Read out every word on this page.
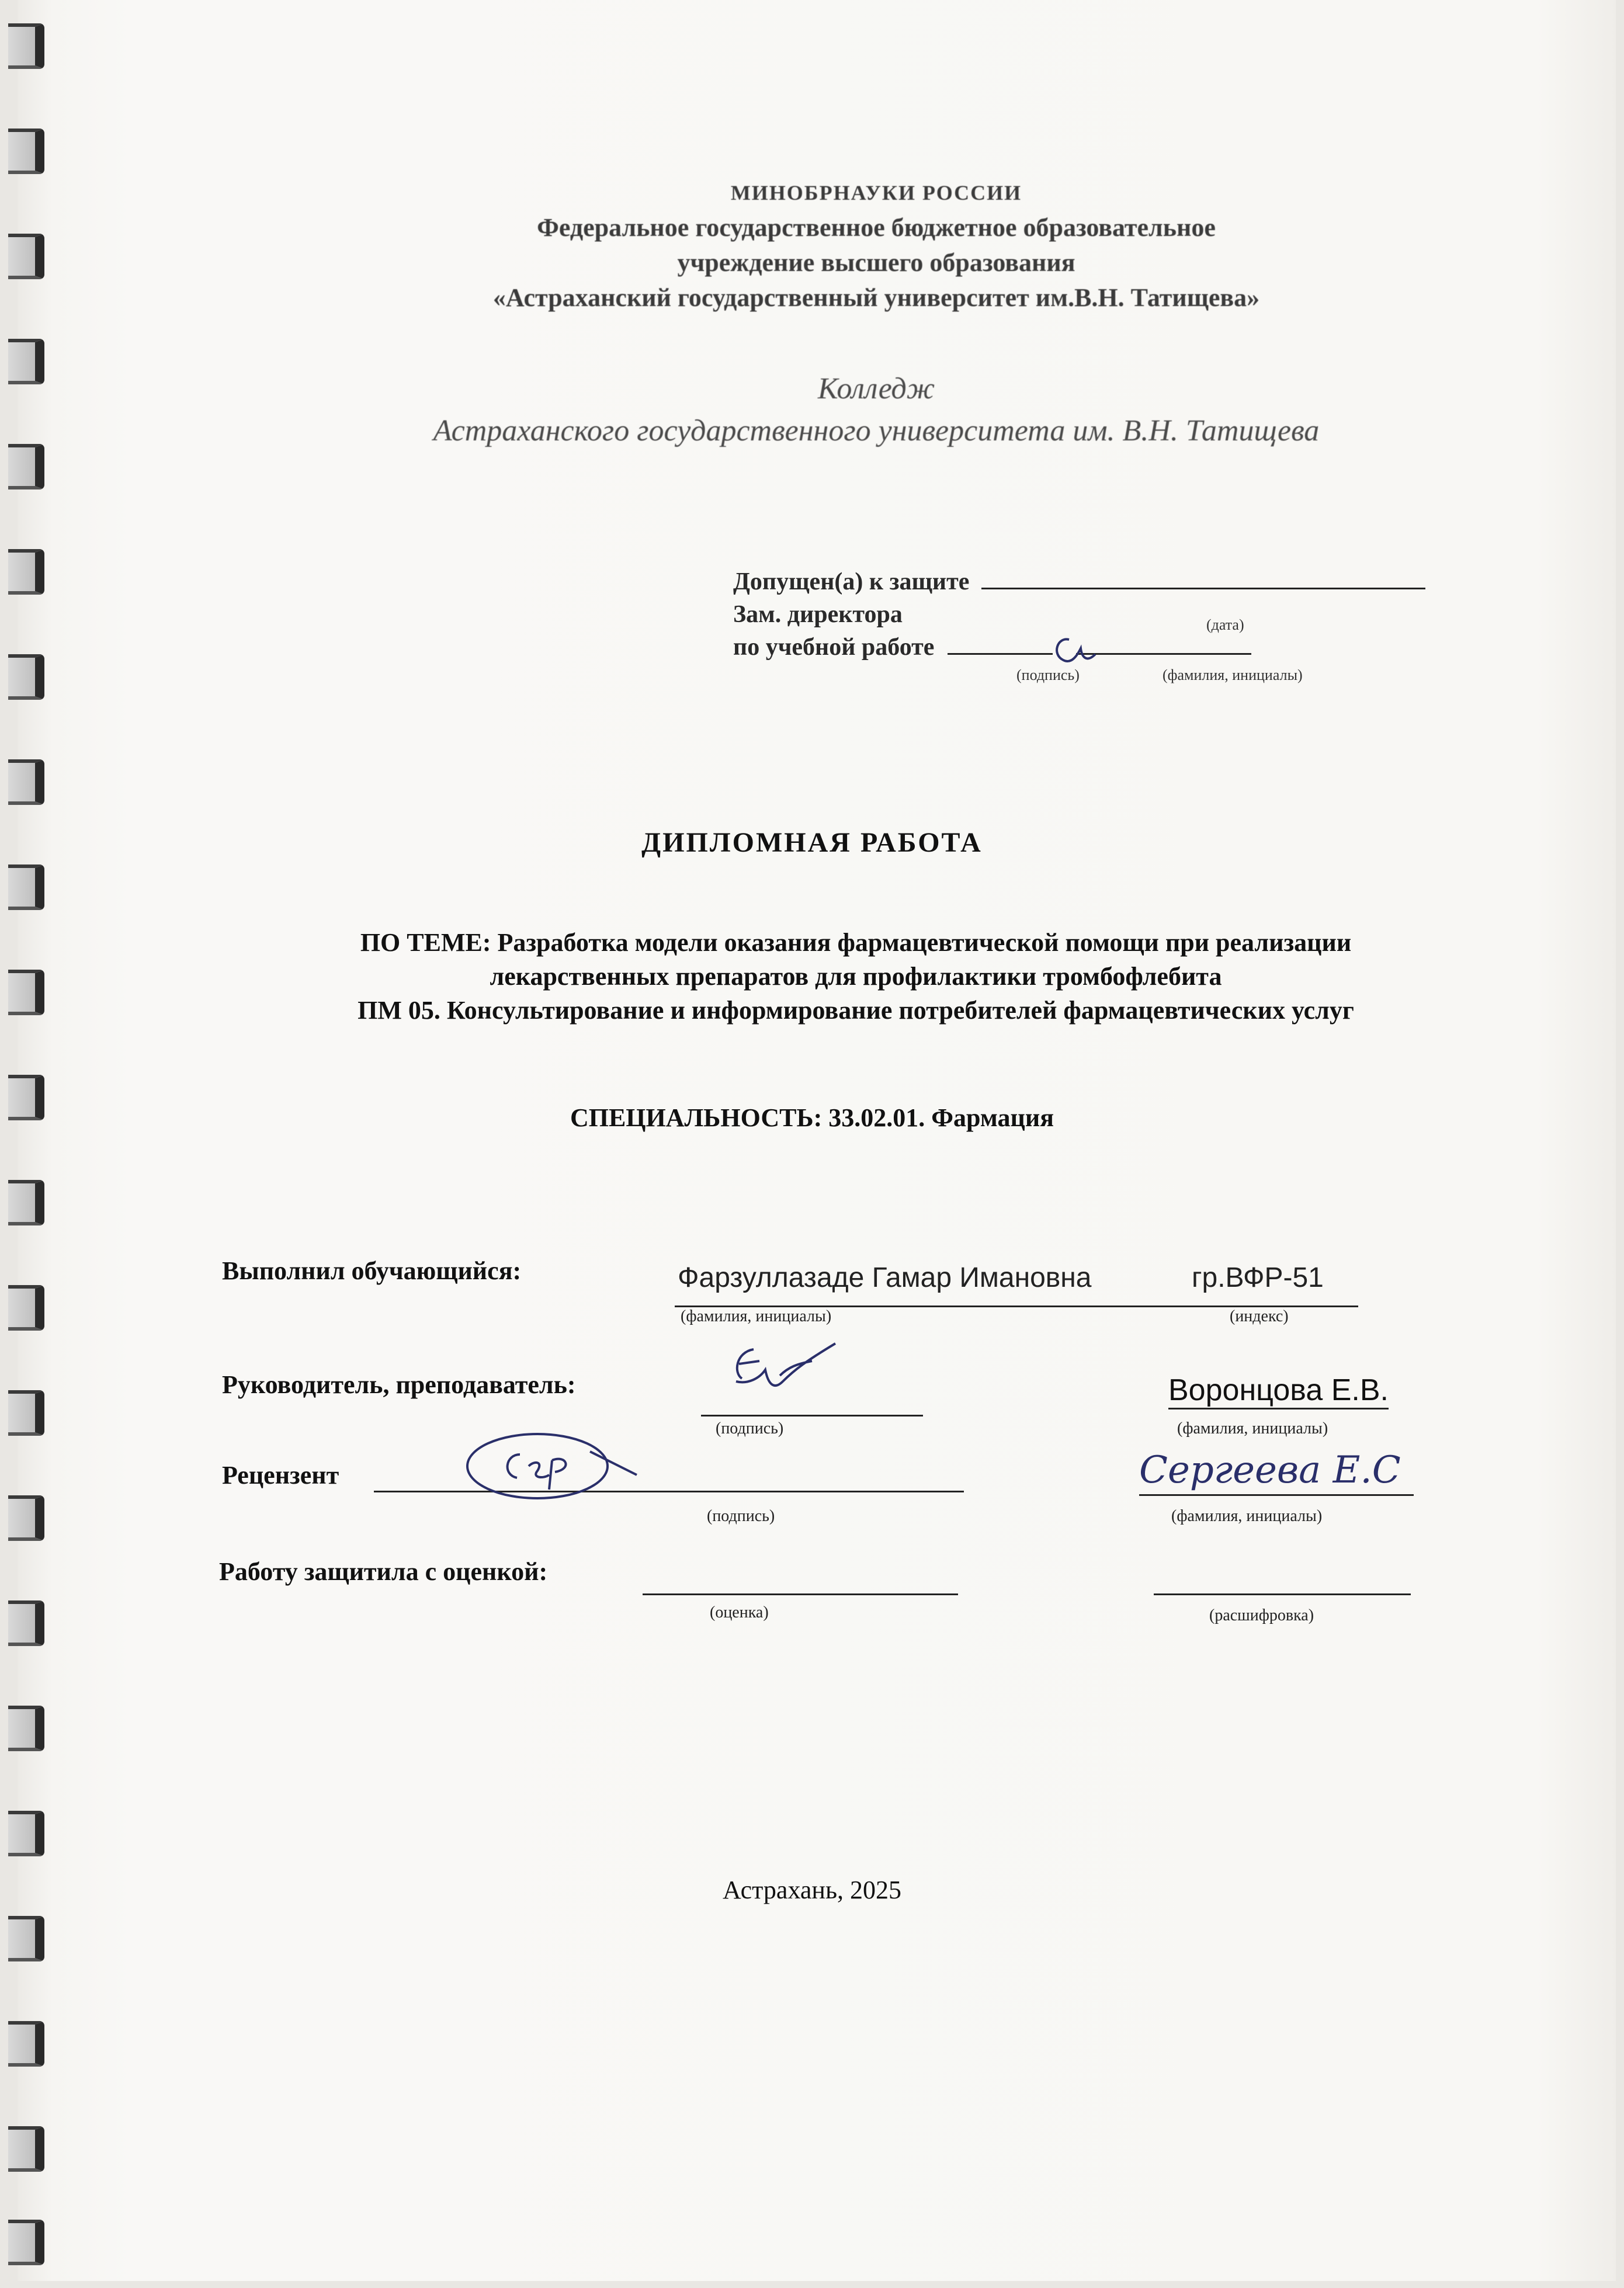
МИНОБРНАУКИ РОССИИ
Федеральное государственное бюджетное образовательное
учреждение высшего образования
«Астраханский государственный университет им.В.Н. Татищева»
Колледж
Астраханского государственного университета им. В.Н. Татищева
Допущен(а) к защите
Зам. директора	(дата)
по учебной работе
(подпись)	(фамилия, инициалы)
ДИПЛОМНАЯ РАБОТА
ПО ТЕМЕ: Разработка модели оказания фармацевтической помощи при реализации
лекарственных препаратов для профилактики тромбофлебита
ПМ 05. Консультирование и информирование потребителей фармацевтических услуг
СПЕЦИАЛЬНОСТЬ: 33.02.01. Фармация
Выполнил обучающийся:	Фарзуллазаде Гамар Имановна	гр.ВФР-51
(фамилия, инициалы)	(индекс)
Руководитель, преподаватель:
(подпись)
Воронцова Е.В.
(фамилия, инициалы)
Рецензент
(подпись)
Сергеева Е.С
(фамилия, инициалы)
Работу защитила с оценкой:
(оценка)	(расшифровка)
Астрахань, 2025
